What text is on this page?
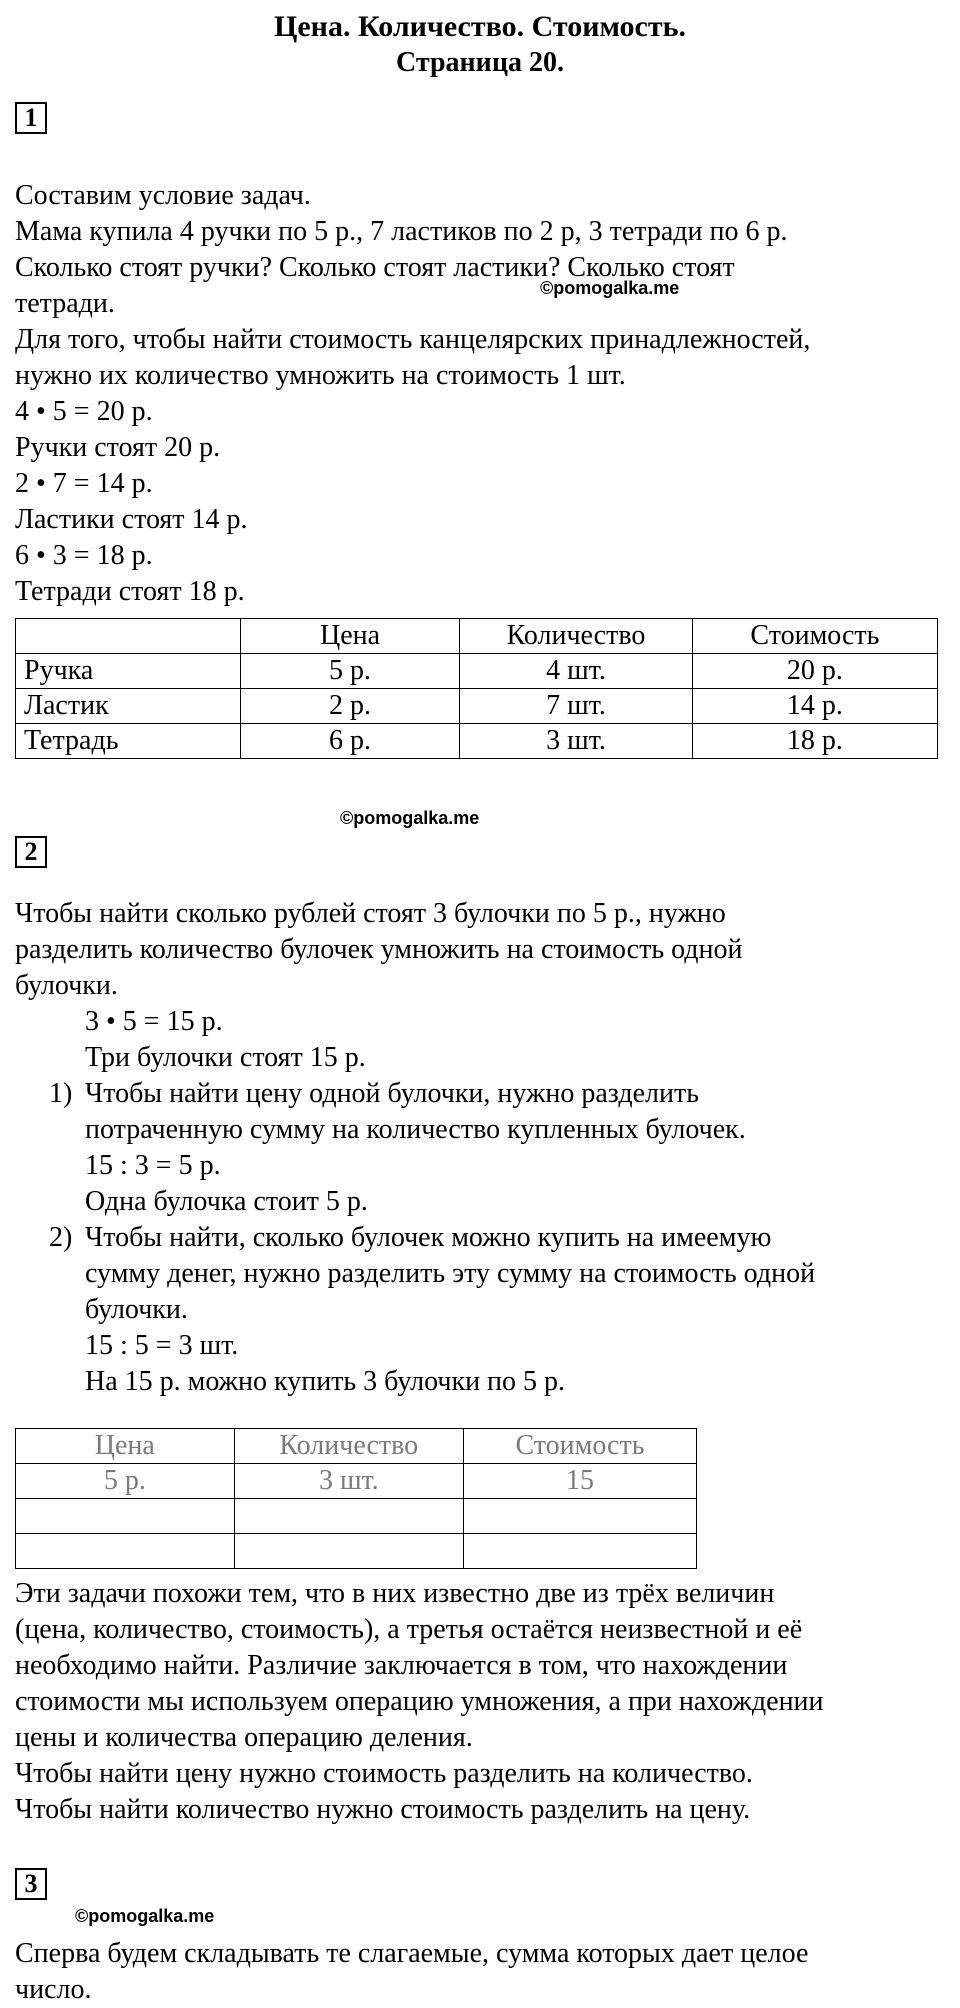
Цена. Количество. Стоимость.
Страница 20.
1
Составим условие задач.
Мама купила 4 ручки по 5 р., 7 ластиков по 2 р, 3 тетради по 6 р.
Сколько стоят ручки? Сколько стоят ластики? Сколько стоят
тетради.
Для того, чтобы найти стоимость канцелярских принадлежностей,
нужно их количество умножить на стоимость 1 шт.
4 • 5 = 20 р.
Ручки стоят 20 р.
2 • 7 = 14 р.
Ластики стоят 14 р.
6 • 3 = 18 р.
Тетради стоят 18 р.
©pomogalka.me
	Цена	Количество	Стоимость
Ручка	5 р.	4 шт.	20 р.
Ластик	2 р.	7 шт.	14 р.
Тетрадь	6 р.	3 шт.	18 р.
©pomogalka.me
2
Чтобы найти сколько рублей стоят 3 булочки по 5 р., нужно
разделить количество булочек умножить на стоимость одной
булочки.
3 • 5 = 15 р.
Три булочки стоят 15 р.
1) Чтобы найти цену одной булочки, нужно разделить
потраченную сумму на количество купленных булочек.
15 : 3 = 5 р.
Одна булочка стоит 5 р.
2) Чтобы найти, сколько булочек можно купить на имеемую
сумму денег, нужно разделить эту сумму на стоимость одной
булочки.
15 : 5 = 3 шт.
На 15 р. можно купить 3 булочки по 5 р.
Цена	Количество	Стоимость
5 р.	3 шт.	15

Эти задачи похожи тем, что в них известно две из трёх величин
(цена, количество, стоимость), а третья остаётся неизвестной и её
необходимо найти. Различие заключается в том, что нахождении
стоимости мы используем операцию умножения, а при нахождении
цены и количества операцию деления.
Чтобы найти цену нужно стоимость разделить на количество.
Чтобы найти количество нужно стоимость разделить на цену.
3
©pomogalka.me
Сперва будем складывать те слагаемые, сумма которых дает целое
число.
